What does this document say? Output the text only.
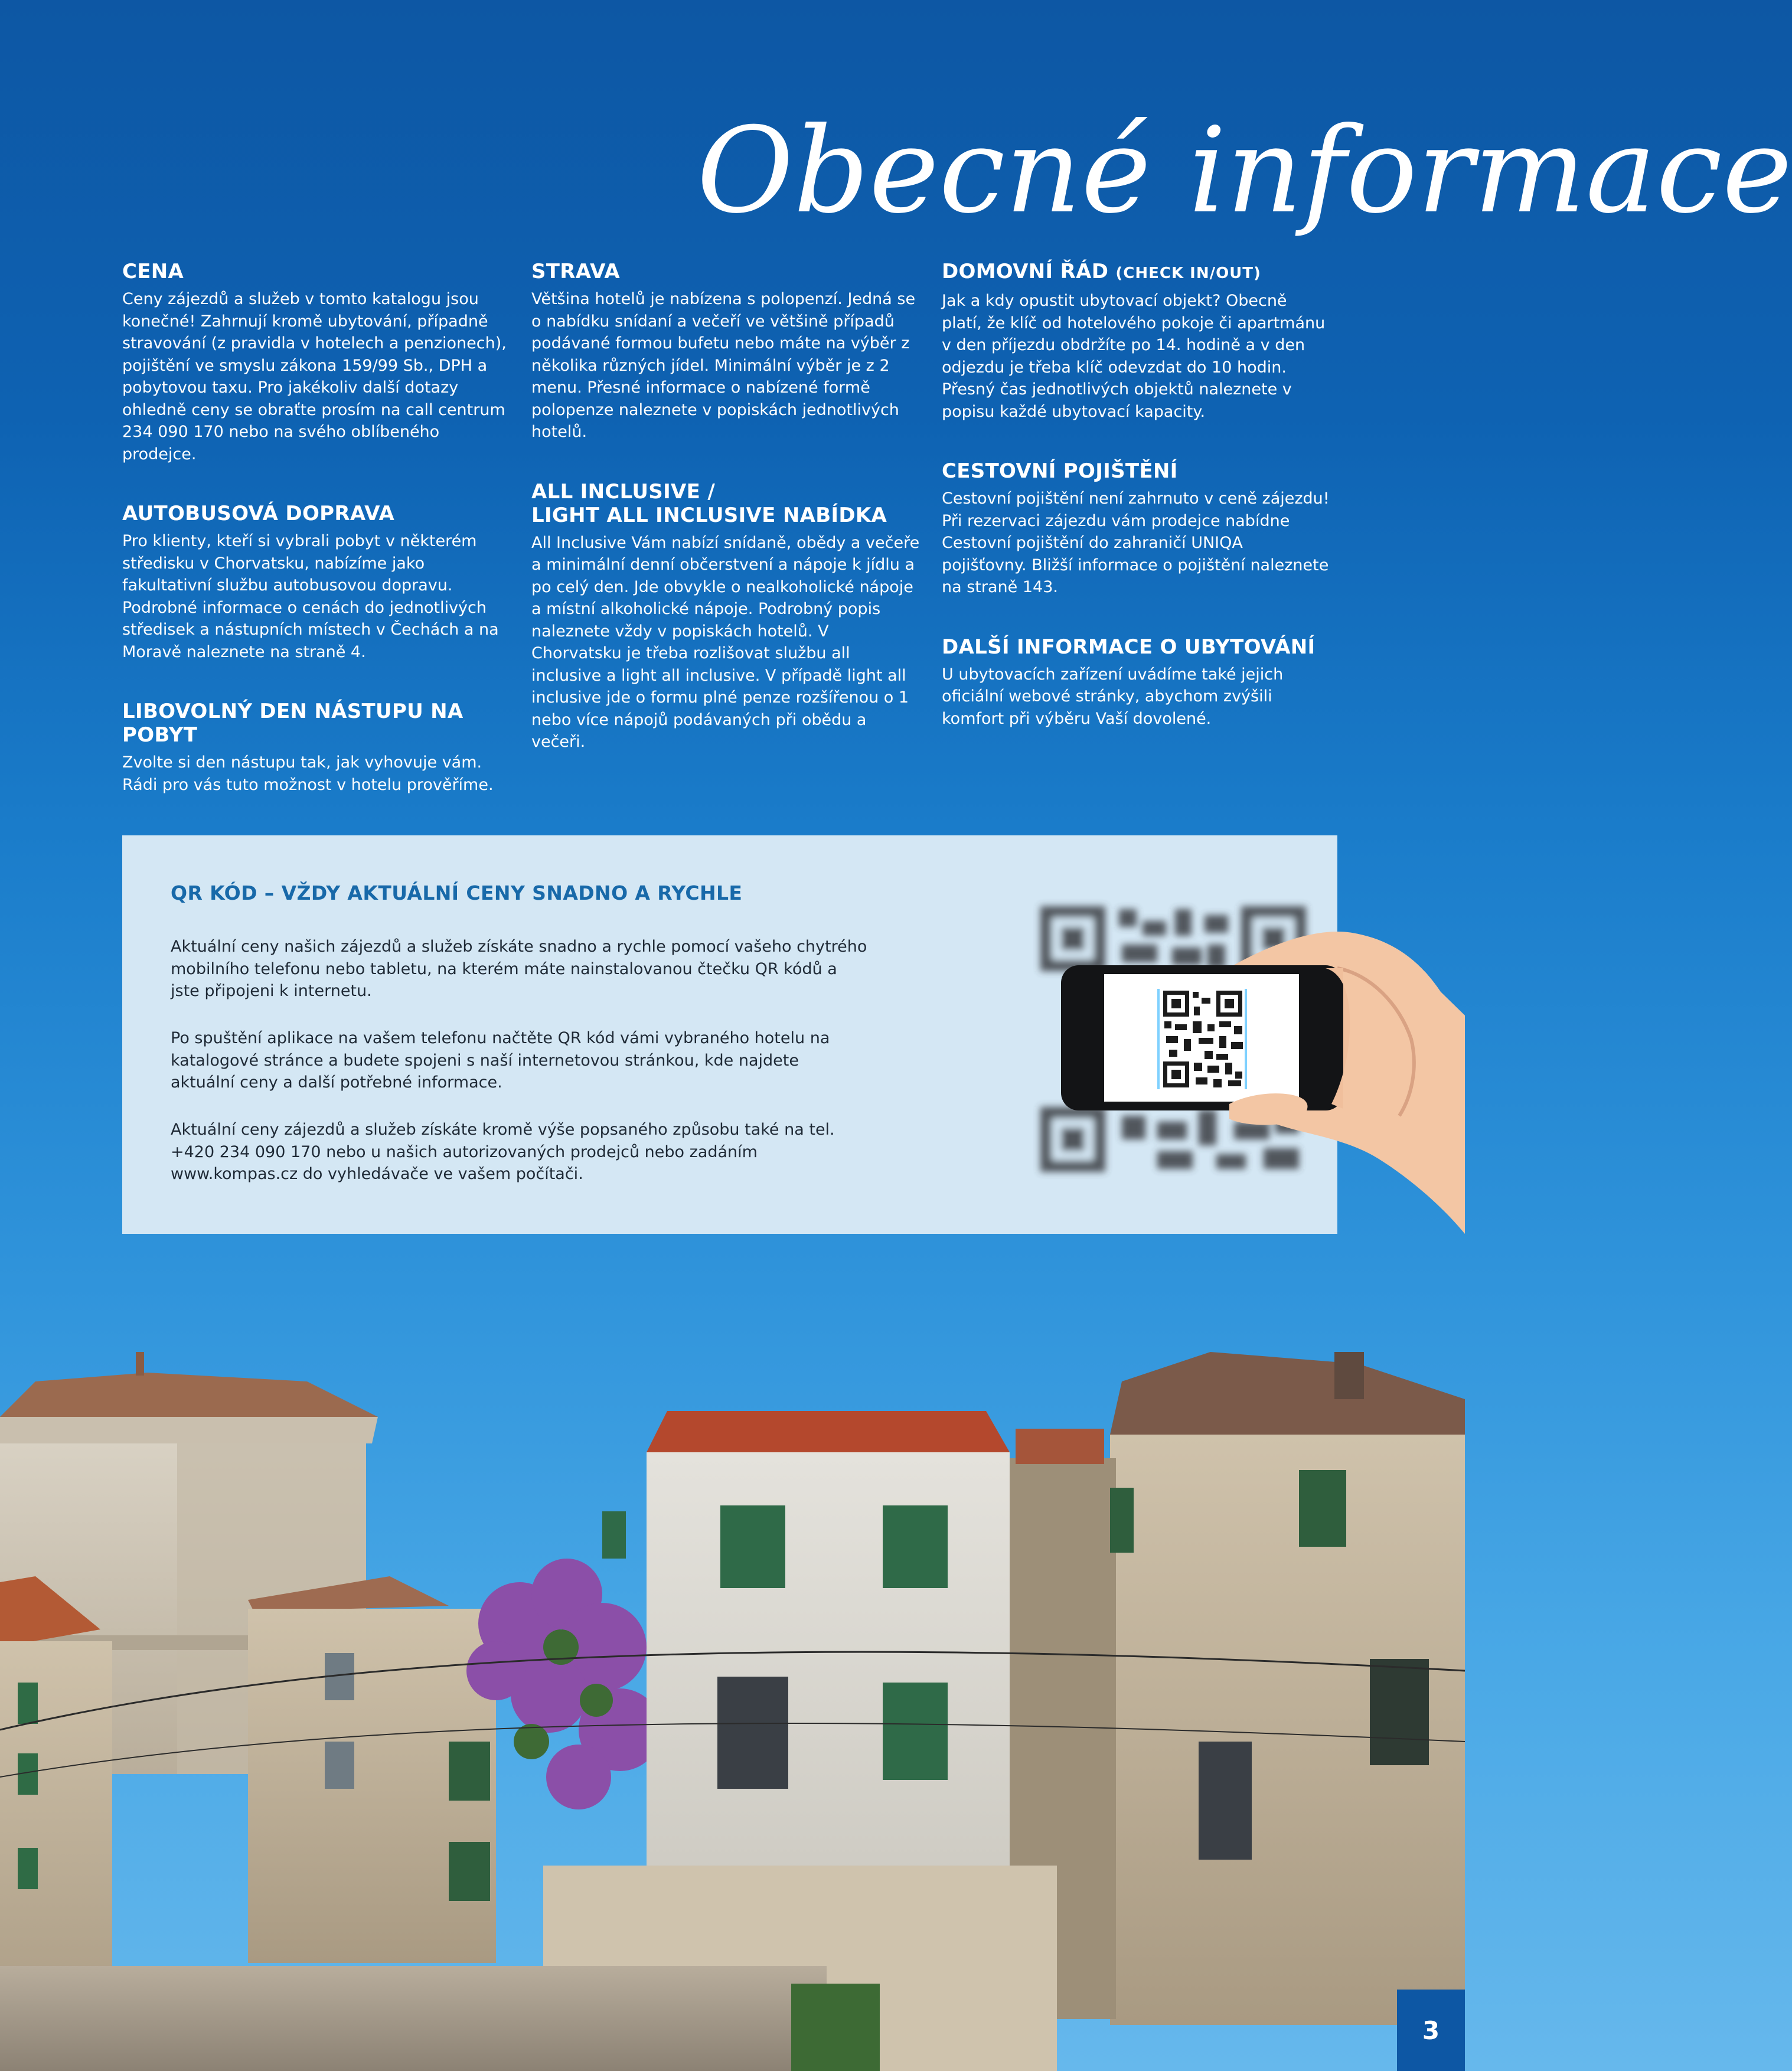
Obecné informace
CENA

Ceny zájezdů a služeb v tomto katalogu jsou konečné! Zahrnují kromě ubytování, případně stravování (z pravidla v hotelech a penzionech), pojištění ve smyslu zákona 159/99 Sb., DPH a pobytovou taxu. Pro jakékoliv další dotazy ohledně ceny se obraťte prosím na call centrum 234 090 170 nebo na svého oblíbeného prodejce.

AUTOBUSOVÁ DOPRAVA

Pro klienty, kteří si vybrali pobyt v některém středisku v Chorvatsku, nabízíme jako fakultativní službu autobusovou dopravu. Podrobné informace o cenách do jednotlivých středisek a nástupních místech v Čechách a na Moravě naleznete na straně 4.

LIBOVOLNÝ DEN NÁSTUPU NA POBYT

Zvolte si den nástupu tak, jak vyhovuje vám. Rádi pro vás tuto možnost v hotelu prověříme.

STRAVA

Většina hotelů je nabízena s polopenzí. Jedná se o nabídku snídaní a večeří ve většině případů podávané formou bufetu nebo máte na výběr z několika různých jídel. Minimální výběr je z 2 menu. Přesné informace o nabízené formě polopenze naleznete v popiskách jednotlivých hotelů.

ALL INCLUSIVE /
LIGHT ALL INCLUSIVE NABÍDKA

All Inclusive Vám nabízí snídaně, obědy a večeře a minimální denní občerstvení a nápoje k jídlu a po celý den. Jde obvykle o nealkoholické nápoje a místní alkoholické nápoje. Podrobný popis naleznete vždy v popiskách hotelů. V Chorvatsku je třeba rozlišovat službu all inclusive a light all inclusive. V případě light all inclusive jde o formu plné penze rozšířenou o 1 nebo více nápojů podávaných při obědu a večeři.

DOMOVNÍ ŘÁD (CHECK IN/OUT)

Jak a kdy opustit ubytovací objekt? Obecně platí, že klíč od hotelového pokoje či apartmánu v den příjezdu obdržíte po 14. hodině a v den odjezdu je třeba klíč odevzdat do 10 hodin. Přesný čas jednotlivých objektů naleznete v popisu každé ubytovací kapacity.

CESTOVNÍ POJIŠTĚNÍ

Cestovní pojištění není zahrnuto v ceně zájezdu! Při rezervaci zájezdu vám prodejce nabídne Cestovní pojištění do zahraničí UNIQA pojišťovny. Bližší informace o pojištění naleznete na straně 143.

DALŠÍ INFORMACE O UBYTOVÁNÍ

U ubytovacích zařízení uvádíme také jejich oficiální webové stránky, abychom zvýšili komfort při výběru Vaší dovolené.

QR KÓD – VŽDY AKTUÁLNÍ CENY SNADNO A RYCHLE

Aktuální ceny našich zájezdů a služeb získáte snadno a rychle pomocí vašeho chytrého mobilního telefonu nebo tabletu, na kterém máte nainstalovanou čtečku QR kódů a jste připojeni k internetu.

Po spuštění aplikace na vašem telefonu načtěte QR kód vámi vybraného hotelu na katalogové stránce a budete spojeni s naší internetovou stránkou, kde najdete aktuální ceny a další potřebné informace.

Aktuální ceny zájezdů a služeb získáte kromě výše popsaného způsobu také na tel. +420 234 090 170 nebo u našich autorizovaných prodejců nebo zadáním www.kompas.cz do vyhledávače ve vašem počítači.

3
